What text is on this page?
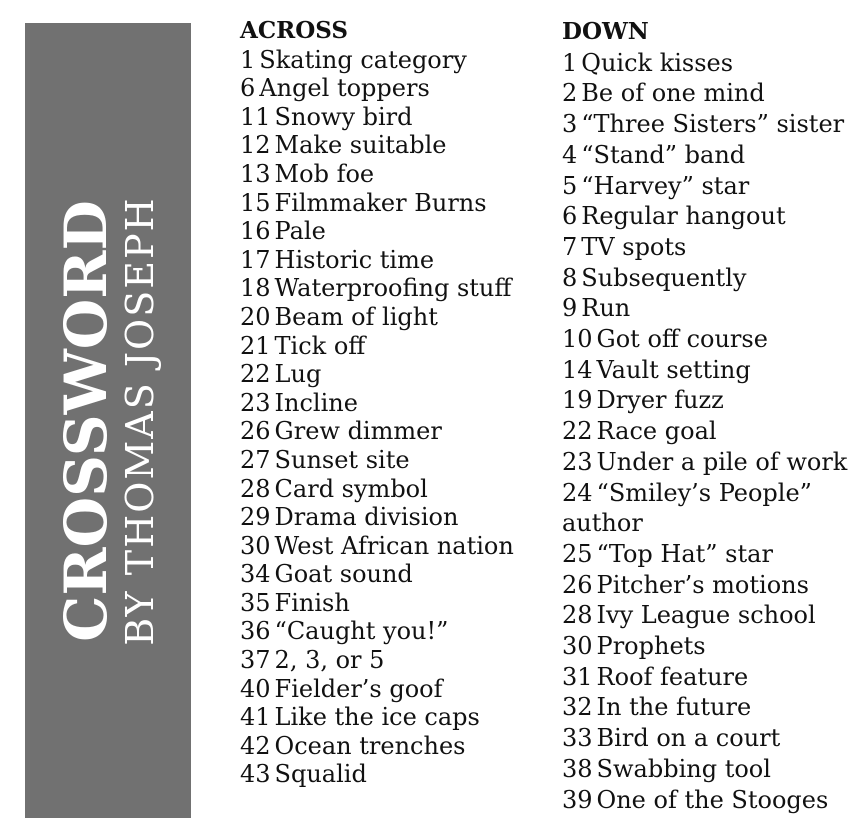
CROSSWORD
BY THOMAS JOSEPH
ACROSS
1 Skating category
6 Angel toppers
11 Snowy bird
12 Make suitable
13 Mob foe
15 Filmmaker Burns
16 Pale
17 Historic time
18 Waterproofing stuff
20 Beam of light
21 Tick off
22 Lug
23 Incline
26 Grew dimmer
27 Sunset site
28 Card symbol
29 Drama division
30 West African nation
34 Goat sound
35 Finish
36 “Caught you!”
37 2, 3, or 5
40 Fielder’s goof
41 Like the ice caps
42 Ocean trenches
43 Squalid
DOWN
1 Quick kisses
2 Be of one mind
3 “Three Sisters” sister
4 “Stand” band
5 “Harvey” star
6 Regular hangout
7 TV spots
8 Subsequently
9 Run
10 Got off course
14 Vault setting
19 Dryer fuzz
22 Race goal
23 Under a pile of work
24 “Smiley’s People” author
25 “Top Hat” star
26 Pitcher’s motions
28 Ivy League school
30 Prophets
31 Roof feature
32 In the future
33 Bird on a court
38 Swabbing tool
39 One of the Stooges
